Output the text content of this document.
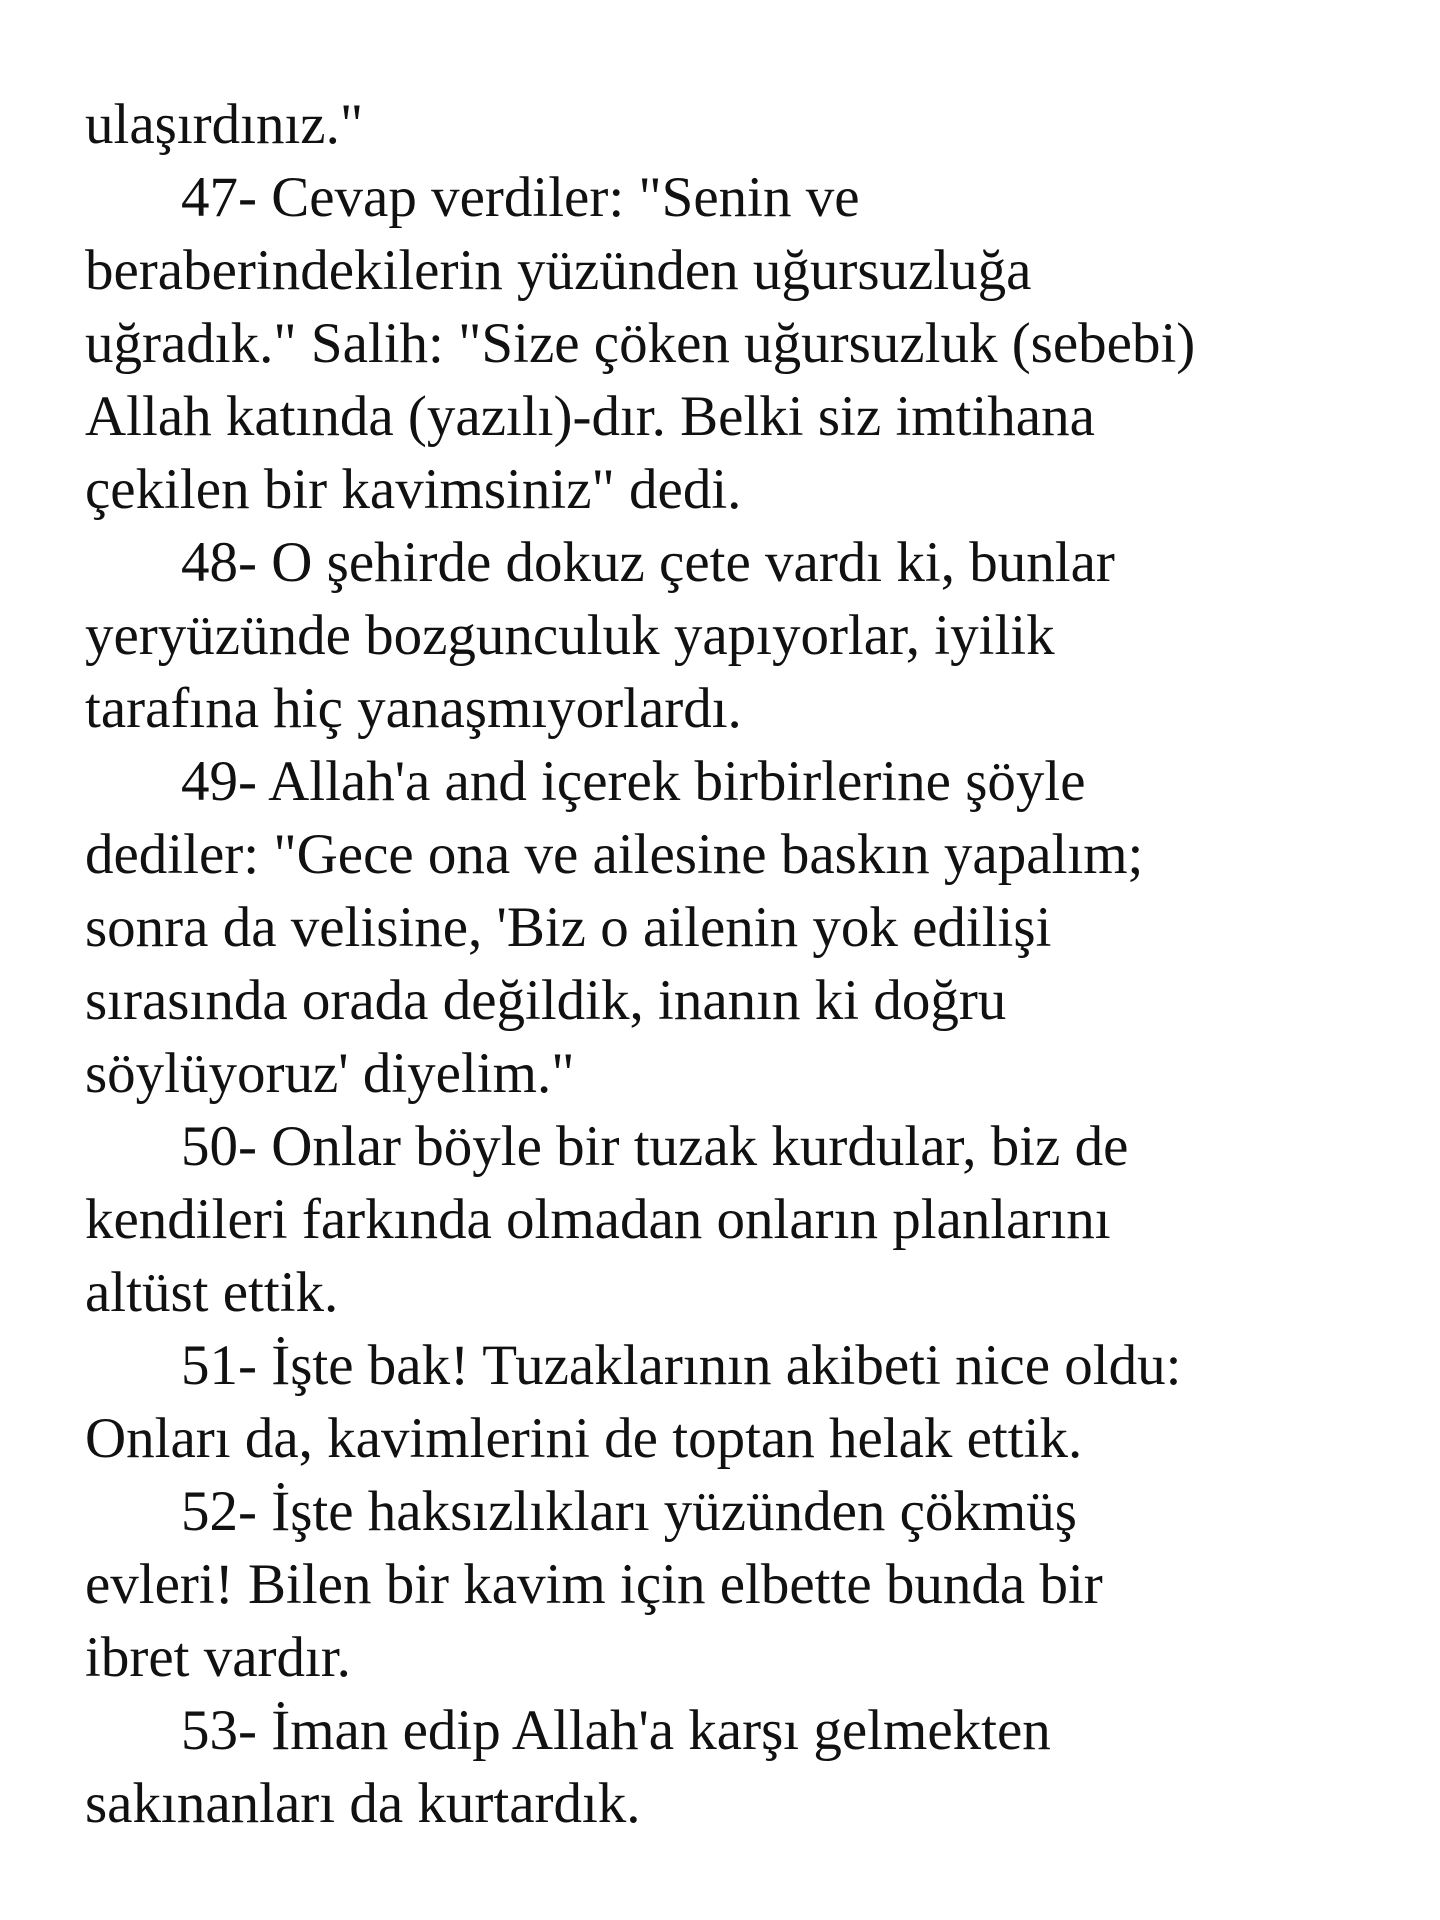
ulaşırdınız."

47- Cevap verdiler: "Senin ve
beraberindekilerin yüzünden uğursuzluğa
uğradık." Salih: "Size çöken uğursuzluk (sebebi)
Allah katında (yazılı)-dır. Belki siz imtihana
çekilen bir kavimsiniz" dedi.

48- O şehirde dokuz çete vardı ki, bunlar
yeryüzünde bozgunculuk yapıyorlar, iyilik
tarafına hiç yanaşmıyorlardı.

49- Allah'a and içerek birbirlerine şöyle
dediler: "Gece ona ve ailesine baskın yapalım;
sonra da velisine, 'Biz o ailenin yok edilişi
sırasında orada değildik, inanın ki doğru
söylüyoruz' diyelim."

50- Onlar böyle bir tuzak kurdular, biz de
kendileri farkında olmadan onların planlarını
altüst ettik.

51- İşte bak! Tuzaklarının akibeti nice oldu:
Onları da, kavimlerini de toptan helak ettik.

52- İşte haksızlıkları yüzünden çökmüş
evleri! Bilen bir kavim için elbette bunda bir
ibret vardır.

53- İman edip Allah'a karşı gelmekten
sakınanları da kurtardık.
